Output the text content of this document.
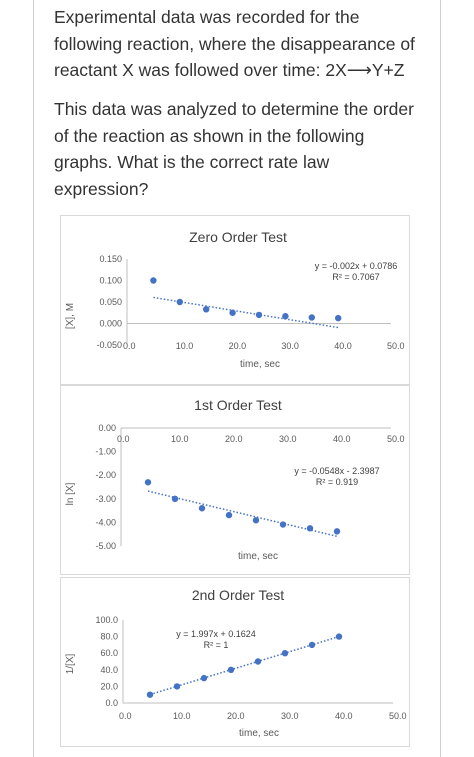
Experimental data was recorded for the following reaction, where the disappearance of reactant X was followed over time: 2X⟶Y+Z
This data was analyzed to determine the order of the reaction as shown in the following graphs. What is the correct rate law expression?
Zero Order Test
[X], M
time, sec
y = -0.002x + 0.0786
R² = 0.7067
0.150
0.100
0.050
0.000
-0.050 0.0	10.0	20.0	30.0	40.0	50.0
1st Order Test
ln [X]
time, sec
y = -0.0548x - 2.3987
R² = 0.919
0.00
-1.00
-2.00
-3.00
-4.00
-5.00
0.0	10.0	20.0	30.0	40.0	50.0
2nd Order Test
1/[X]
time, sec
y = 1.997x + 0.1624
R² = 1
100.0
80.0
60.0
40.0
20.0
0.0
0.0	10.0	20.0	30.0	40.0	50.0
